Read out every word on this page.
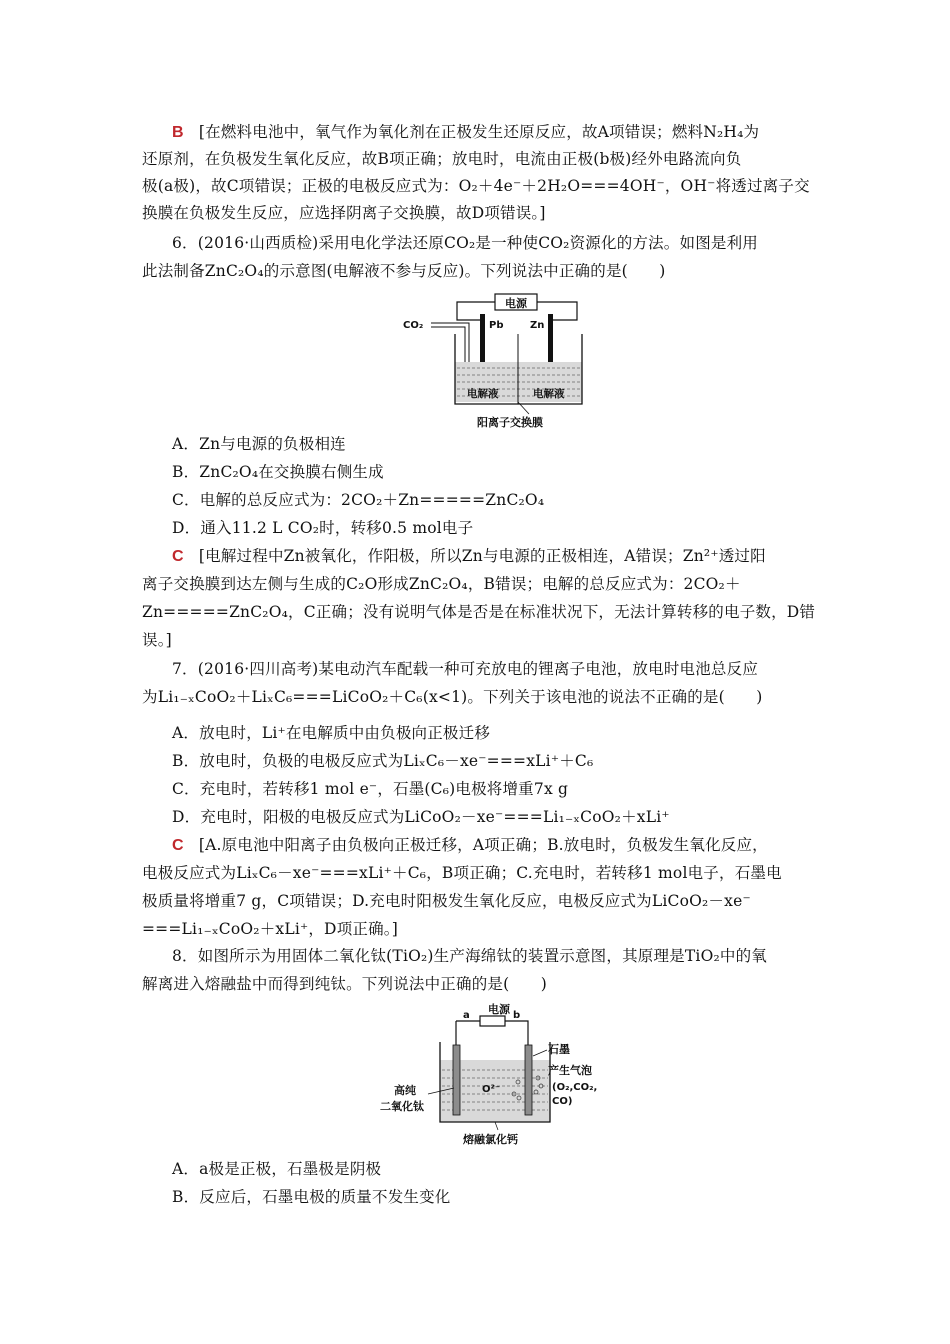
B [在燃料电池中，氧气作为氧化剂在正极发生还原反应，故A项错误；燃料N₂H₄为
还原剂，在负极发生氧化反应，故B项正确；放电时，电流由正极(b极)经外电路流向负
极(a极)，故C项错误；正极的电极反应式为：O₂＋4e⁻＋2H₂O===4OH⁻，OH⁻将透过离子交
换膜在负极发生反应，应选择阴离子交换膜，故D项错误。]
6．(2016·山西质检)采用电化学法还原CO₂是一种使CO₂资源化的方法。如图是利用
此法制备ZnC₂O₄的示意图(电解液不参与反应)。下列说法中正确的是(　　)
电源
Pb	Zn
CO₂
电解液	电解液
阳离子交换膜
A．Zn与电源的负极相连
B．ZnC₂O₄在交换膜右侧生成
C．电解的总反应式为：2CO₂＋Zn=====ZnC₂O₄
D．通入11.2 L CO₂时，转移0.5 mol电子
C [电解过程中Zn被氧化，作阳极，所以Zn与电源的正极相连，A错误；Zn²⁺透过阳
离子交换膜到达左侧与生成的C₂O形成ZnC₂O₄，B错误；电解的总反应式为：2CO₂＋
Zn=====ZnC₂O₄，C正确；没有说明气体是否是在标准状况下，无法计算转移的电子数，D错
误。]
7．(2016·四川高考)某电动汽车配载一种可充放电的锂离子电池，放电时电池总反应
为Li₁₋ₓCoO₂＋LiₓC₆===LiCoO₂＋C₆(x<1)。下列关于该电池的说法不正确的是(　　)
A．放电时，Li⁺在电解质中由负极向正极迁移
B．放电时，负极的电极反应式为LiₓC₆－xe⁻===xLi⁺＋C₆
C．充电时，若转移1 mol e⁻，石墨(C₆)电极将增重7x g
D．充电时，阳极的电极反应式为LiCoO₂－xe⁻===Li₁₋ₓCoO₂＋xLi⁺
C [A.原电池中阳离子由负极向正极迁移，A项正确；B.放电时，负极发生氧化反应，
电极反应式为LiₓC₆－xe⁻===xLi⁺＋C₆，B项正确；C.充电时，若转移1 mol电子，石墨电
极质量将增重7 g，C项错误；D.充电时阳极发生氧化反应，电极反应式为LiCoO₂－xe⁻
===Li₁₋ₓCoO₂＋xLi⁺，D项正确。]
8．如图所示为用固体二氧化钛(TiO₂)生产海绵钛的装置示意图，其原理是TiO₂中的氧
解离进入熔融盐中而得到纯钛。下列说法中正确的是(　　)
电源
a	b
O²⁻
石墨
产生气泡
(O₂,CO₂,
CO)
高纯
二氧化钛
熔融氯化钙
A．a极是正极，石墨极是阴极
B．反应后，石墨电极的质量不发生变化
